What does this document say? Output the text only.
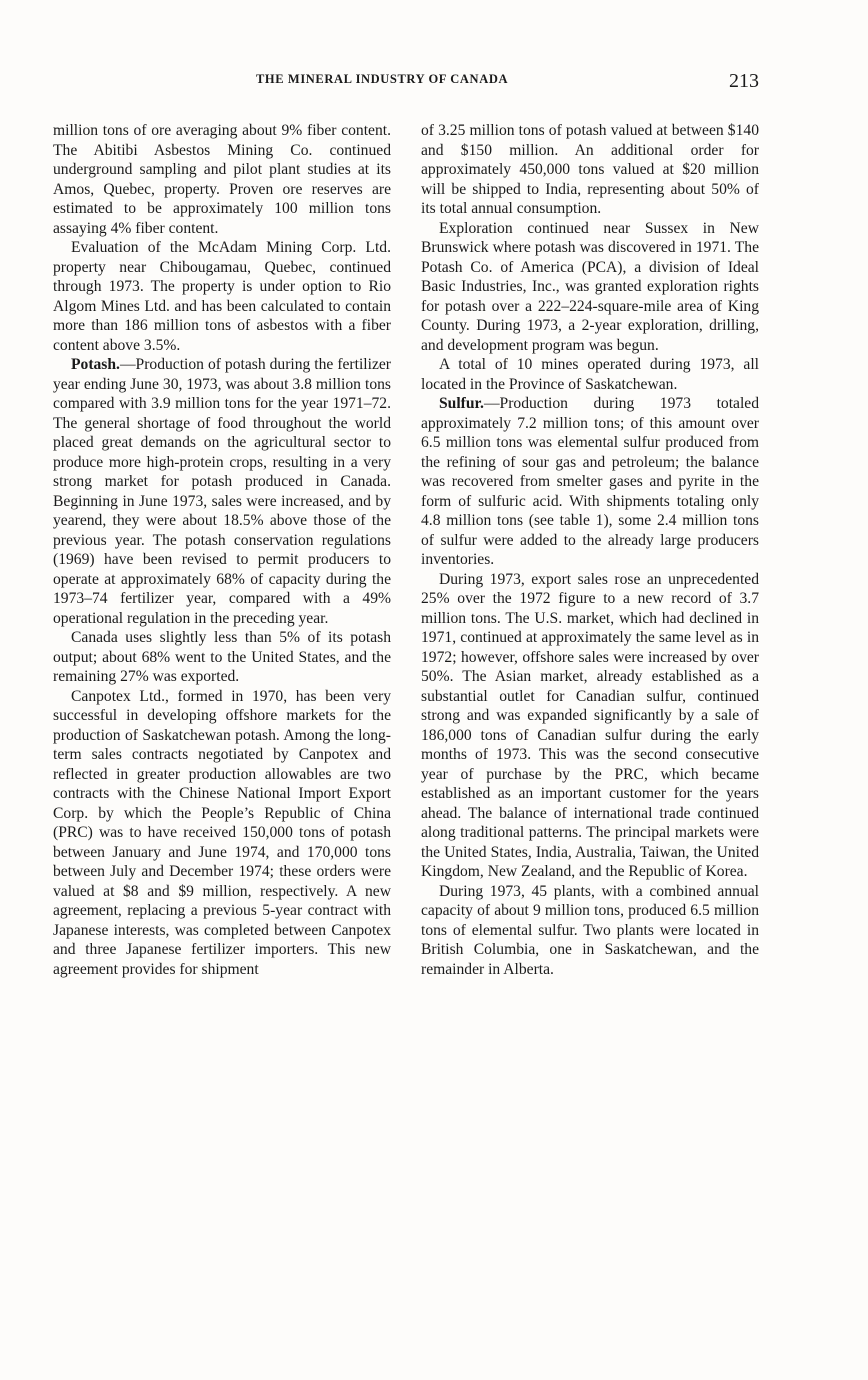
THE MINERAL INDUSTRY OF CANADA	213

million tons of ore averaging about 9% fiber content. The Abitibi Asbestos Mining Co. continued underground sampling and pilot plant studies at its Amos, Quebec, property. Proven ore reserves are estimated to be approximately 100 million tons assaying 4% fiber content.

Evaluation of the McAdam Mining Corp. Ltd. property near Chibougamau, Quebec, continued through 1973. The property is under option to Rio Algom Mines Ltd. and has been calculated to contain more than 186 million tons of asbestos with a fiber content above 3.5%.

Potash.—Production of potash during the fertilizer year ending June 30, 1973, was about 3.8 million tons compared with 3.9 million tons for the year 1971–72. The general shortage of food throughout the world placed great demands on the agricultural sector to produce more high-protein crops, resulting in a very strong market for potash produced in Canada. Beginning in June 1973, sales were increased, and by yearend, they were about 18.5% above those of the previous year. The potash conservation regulations (1969) have been revised to permit producers to operate at approximately 68% of capacity during the 1973–74 fertilizer year, compared with a 49% operational regulation in the preceding year.

Canada uses slightly less than 5% of its potash output; about 68% went to the United States, and the remaining 27% was exported.

Canpotex Ltd., formed in 1970, has been very successful in developing offshore markets for the production of Saskatchewan potash. Among the long-term sales contracts negotiated by Canpotex and reflected in greater production allowables are two contracts with the Chinese National Import Export Corp. by which the People’s Republic of China (PRC) was to have received 150,000 tons of potash between January and June 1974, and 170,000 tons between July and December 1974; these orders were valued at $8 and $9 million, respectively. A new agreement, replacing a previous 5-year contract with Japanese interests, was completed between Canpotex and three Japanese fertilizer importers. This new agreement provides for shipment

of 3.25 million tons of potash valued at between $140 and $150 million. An additional order for approximately 450,000 tons valued at $20 million will be shipped to India, representing about 50% of its total annual consumption.

Exploration continued near Sussex in New Brunswick where potash was discovered in 1971. The Potash Co. of America (PCA), a division of Ideal Basic Industries, Inc., was granted exploration rights for potash over a 222–224-square-mile area of King County. During 1973, a 2-year exploration, drilling, and development program was begun.

A total of 10 mines operated during 1973, all located in the Province of Saskatchewan.

Sulfur.—Production during 1973 totaled approximately 7.2 million tons; of this amount over 6.5 million tons was elemental sulfur produced from the refining of sour gas and petroleum; the balance was recovered from smelter gases and pyrite in the form of sulfuric acid. With shipments totaling only 4.8 million tons (see table 1), some 2.4 million tons of sulfur were added to the already large producers inventories.

During 1973, export sales rose an unprecedented 25% over the 1972 figure to a new record of 3.7 million tons. The U.S. market, which had declined in 1971, continued at approximately the same level as in 1972; however, offshore sales were increased by over 50%. The Asian market, already established as a substantial outlet for Canadian sulfur, continued strong and was expanded significantly by a sale of 186,000 tons of Canadian sulfur during the early months of 1973. This was the second consecutive year of purchase by the PRC, which became established as an important customer for the years ahead. The balance of international trade continued along traditional patterns. The principal markets were the United States, India, Australia, Taiwan, the United Kingdom, New Zealand, and the Republic of Korea.

During 1973, 45 plants, with a combined annual capacity of about 9 million tons, produced 6.5 million tons of elemental sulfur. Two plants were located in British Columbia, one in Saskatchewan, and the remainder in Alberta.
